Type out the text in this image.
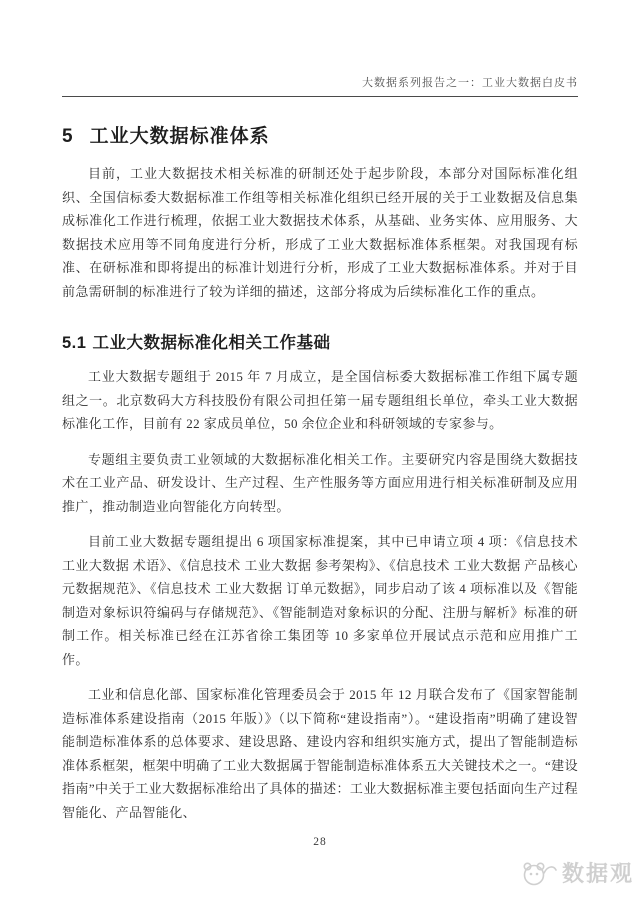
大数据系列报告之一：工业大数据白皮书
5 工业大数据标准体系

目前，工业大数据技术相关标准的研制还处于起步阶段，本部分对国际标准化组织、全国信标委大数据标准工作组等相关标准化组织已经开展的关于工业数据及信息集成标准化工作进行梳理，依据工业大数据技术体系，从基础、业务实体、应用服务、大数据技术应用等不同角度进行分析，形成了工业大数据标准体系框架。对我国现有标准、在研标准和即将提出的标准计划进行分析，形成了工业大数据标准体系。并对于目前急需研制的标准进行了较为详细的描述，这部分将成为后续标准化工作的重点。

5.1 工业大数据标准化相关工作基础

工业大数据专题组于 2015 年 7 月成立，是全国信标委大数据标准工作组下属专题组之一。北京数码大方科技股份有限公司担任第一届专题组组长单位，牵头工业大数据标准化工作，目前有 22 家成员单位，50 余位企业和科研领域的专家参与。

专题组主要负责工业领域的大数据标准化相关工作。主要研究内容是围绕大数据技术在工业产品、研发设计、生产过程、生产性服务等方面应用进行相关标准研制及应用推广，推动制造业向智能化方向转型。

目前工业大数据专题组提出 6 项国家标准提案，其中已申请立项 4 项：《信息技术 工业大数据 术语》、《信息技术 工业大数据 参考架构》、《信息技术 工业大数据 产品核心元数据规范》、《信息技术 工业大数据 订单元数据》，同步启动了该 4 项标准以及《智能制造对象标识符编码与存储规范》、《智能制造对象标识的分配、注册与解析》标准的研制工作。相关标准已经在江苏省徐工集团等 10 多家单位开展试点示范和应用推广工作。

工业和信息化部、国家标准化管理委员会于 2015 年 12 月联合发布了《国家智能制造标准体系建设指南（2015 年版）》（以下简称“建设指南”）。“建设指南”明确了建设智能制造标准体系的总体要求、建设思路、建设内容和组织实施方式，提出了智能制造标准体系框架，框架中明确了工业大数据属于智能制造标准体系五大关键技术之一。“建设指南”中关于工业大数据标准给出了具体的描述：工业大数据标准主要包括面向生产过程智能化、产品智能化、

28
数据观
